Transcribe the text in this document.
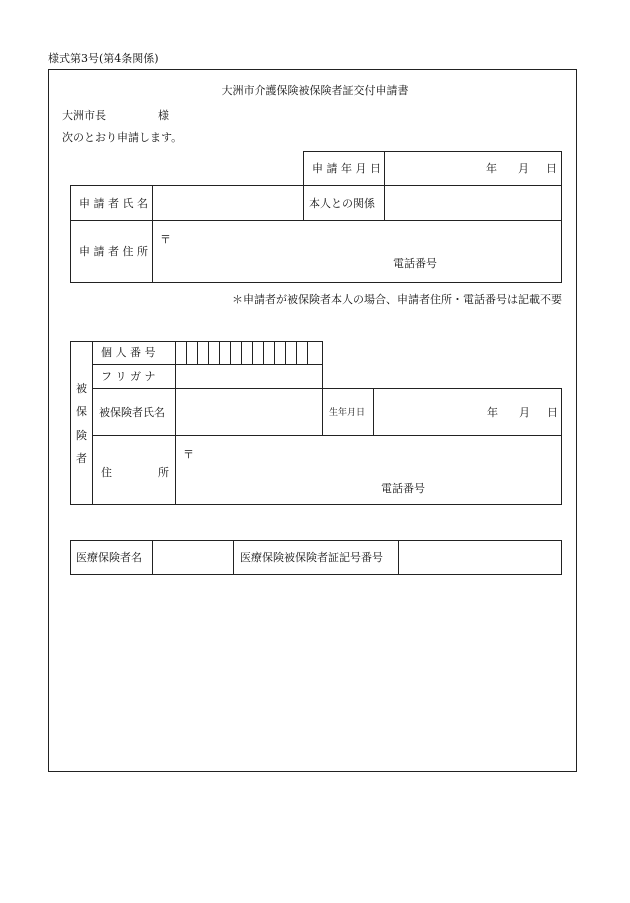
様式第3号(第4条関係)
大洲市介護保険被保険者証交付申請書
大洲市長	様
次のとおり申請します。
申 請 年 月 日	年 月 日
申 請 者 氏 名	本人との関係
申 請 者 住 所
〒
電話番号
＊申請者が被保険者本人の場合、申請者住所・電話番号は記載不要
被
保
険
者
個 人 番 号
フ リ ガ ナ
被保険者氏名	生年月日	年 月 日
住	所
〒
電話番号
医療保険者名	医療保険被保険者証記号番号
